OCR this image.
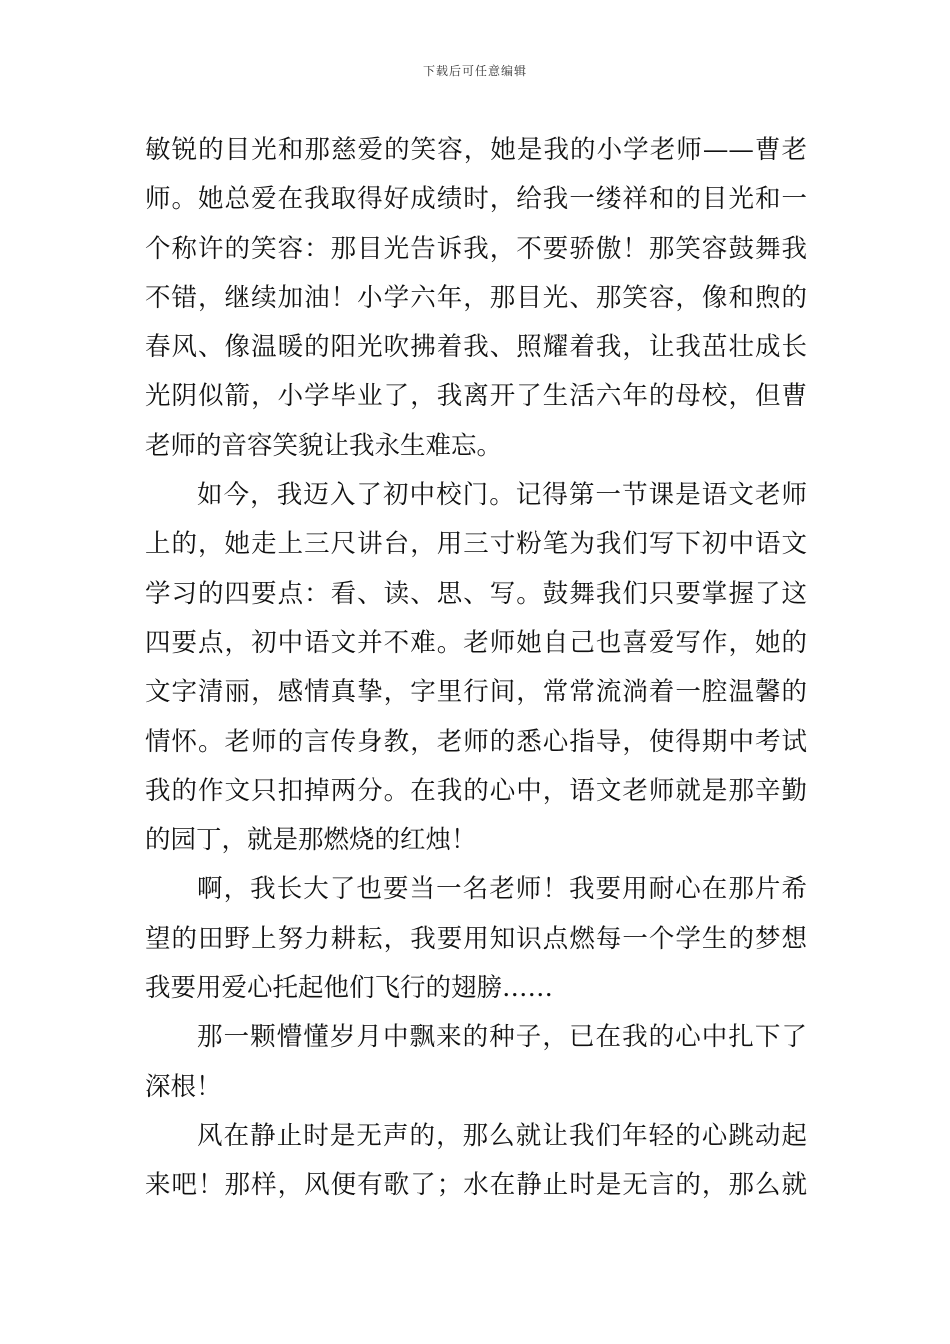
下载后可任意编辑
敏锐的目光和那慈爱的笑容，她是我的小学老师——曹老
师。她总爱在我取得好成绩时，给我一缕祥和的目光和一
个称许的笑容：那目光告诉我，不要骄傲！那笑容鼓舞我
不错，继续加油！小学六年，那目光、那笑容，像和煦的
春风、像温暖的阳光吹拂着我、照耀着我，让我茁壮成长
光阴似箭，小学毕业了，我离开了生活六年的母校，但曹
老师的音容笑貌让我永生难忘。
如今，我迈入了初中校门。记得第一节课是语文老师
上的，她走上三尺讲台，用三寸粉笔为我们写下初中语文
学习的四要点：看、读、思、写。鼓舞我们只要掌握了这
四要点，初中语文并不难。老师她自己也喜爱写作，她的
文字清丽，感情真挚，字里行间，常常流淌着一腔温馨的
情怀。老师的言传身教，老师的悉心指导，使得期中考试
我的作文只扣掉两分。在我的心中，语文老师就是那辛勤
的园丁，就是那燃烧的红烛！
啊，我长大了也要当一名老师！我要用耐心在那片希
望的田野上努力耕耘，我要用知识点燃每一个学生的梦想
我要用爱心托起他们飞行的翅膀……
那一颗懵懂岁月中飘来的种子，已在我的心中扎下了
深根！
风在静止时是无声的，那么就让我们年轻的心跳动起
来吧！那样，风便有歌了；水在静止时是无言的，那么就
